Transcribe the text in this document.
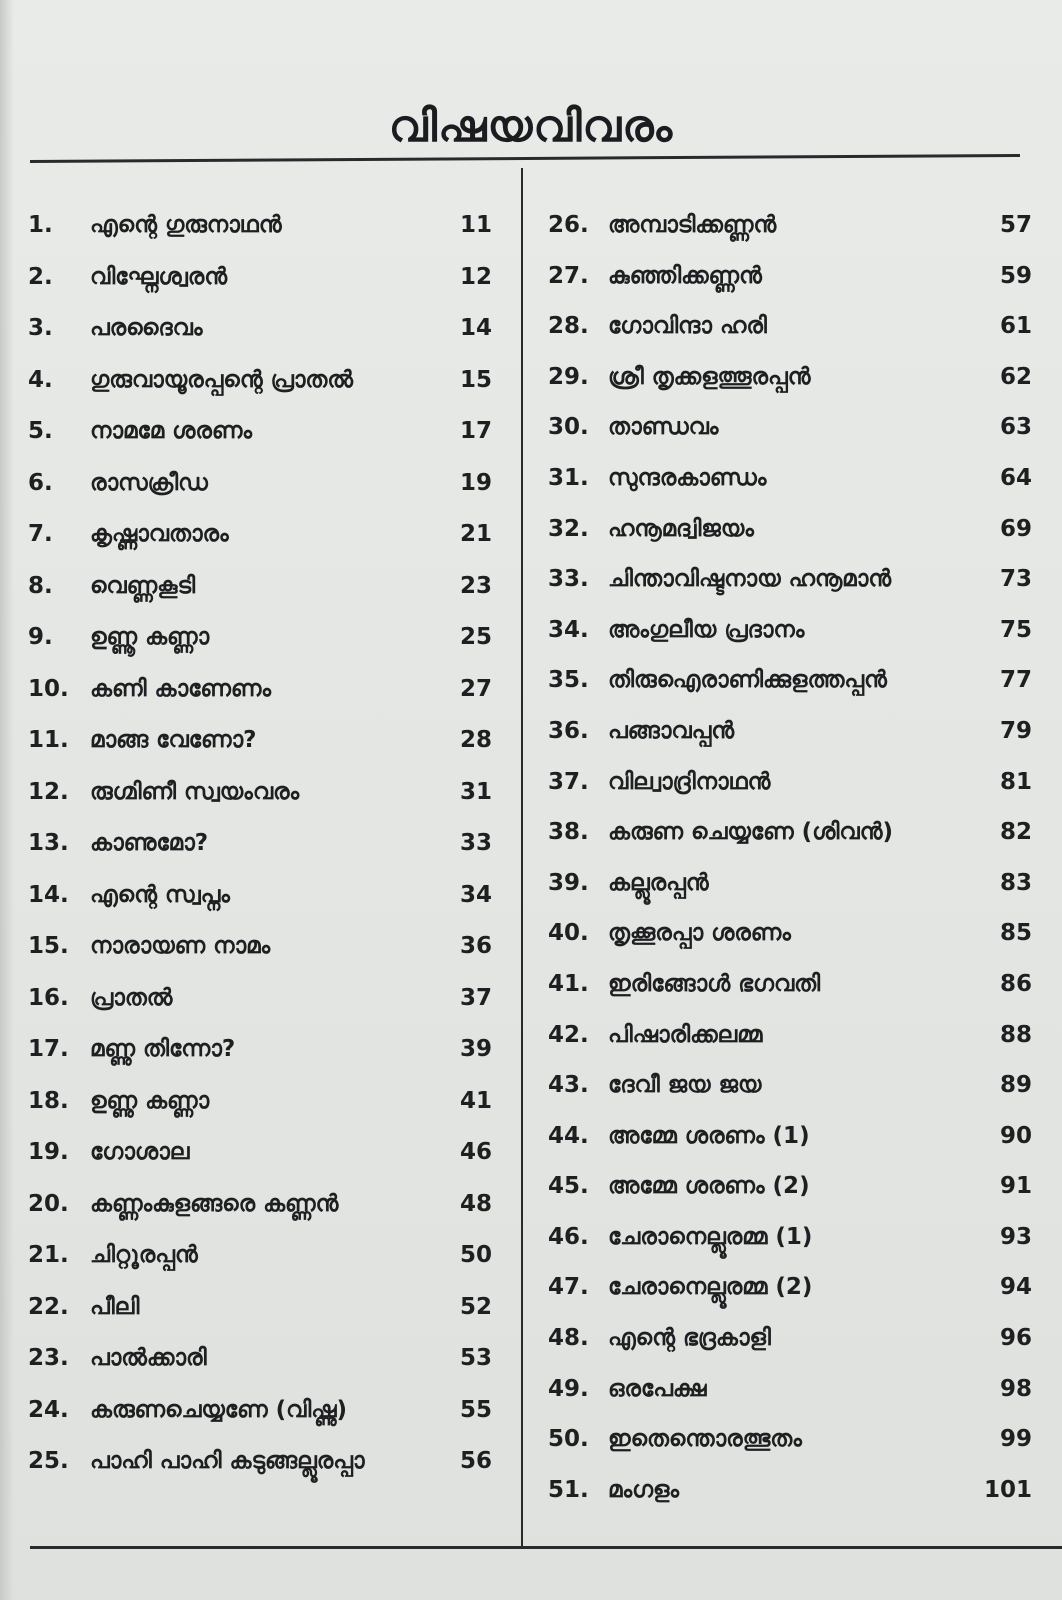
വിഷയവിവരം
1. എന്റെ ഗുരുനാഥൻ	11
2. വിഘ്നേശ്വരൻ	12
3. പരദൈവം	14
4. ഗുരുവായൂരപ്പന്റെ പ്രാതൽ	15
5. നാമമേ ശരണം	17
6. രാസക്രീഡ	19
7. കൃഷ്ണാവതാരം	21
8. വെണ്ണകൂടി	23
9. ഉണ്ണൂ കണ്ണാ	25
10. കണി കാണേണം	27
11. മാങ്ങ വേണോ?	28
12. രുഗ്മിണീ സ്വയംവരം	31
13. കാണുമോ?	33
14. എന്റെ സ്വപ്നം	34
15. നാരായണ നാമം	36
16. പ്രാതൽ	37
17. മണ്ണു തിന്നോ?	39
18. ഉണ്ണു കണ്ണാ	41
19. ഗോശാല	46
20. കണ്ണംകുളങ്ങരെ കണ്ണൻ	48
21. ചിറ്റൂരപ്പൻ	50
22. പീലി	52
23. പാൽക്കാരി	53
24. കരുണചെയ്യണേ (വിഷ്ണു)	55
25. പാഹി പാഹി കടുങ്ങല്ലൂരപ്പാ	56
26. അമ്പാടിക്കണ്ണൻ	57
27. കുഞ്ഞിക്കണ്ണൻ	59
28. ഗോവിന്ദാ ഹരി	61
29. ശ്രീ തൃക്കളത്തൂരപ്പൻ	62
30. താണ്ഡവം	63
31. സുന്ദരകാണ്ഡം	64
32. ഹനൂമദ്വിജയം	69
33. ചിന്താവിഷ്ടനായ ഹനൂമാൻ	73
34. അംഗുലീയ പ്രദാനം	75
35. തിരുഐരാണിക്കുളത്തപ്പൻ	77
36. പങ്ങാവപ്പൻ	79
37. വില്വാദ്രിനാഥൻ	81
38. കരുണ ചെയ്യണേ (ശിവൻ)	82
39. കല്ലൂരപ്പൻ	83
40. തൃക്കൂരപ്പാ ശരണം	85
41. ഇരിങ്ങോൾ ഭഗവതി	86
42. പിഷാരിക്കലമ്മ	88
43. ദേവീ ജയ ജയ	89
44. അമ്മേ ശരണം (1)	90
45. അമ്മേ ശരണം (2)	91
46. ചേരാനെല്ലൂരമ്മ (1)	93
47. ചേരാനെല്ലൂരമ്മ (2)	94
48. എന്റെ ഭദ്രകാളി	96
49. ഒരപേക്ഷ	98
50. ഇതെന്തൊരത്ഭുതം	99
51. മംഗളം	101
